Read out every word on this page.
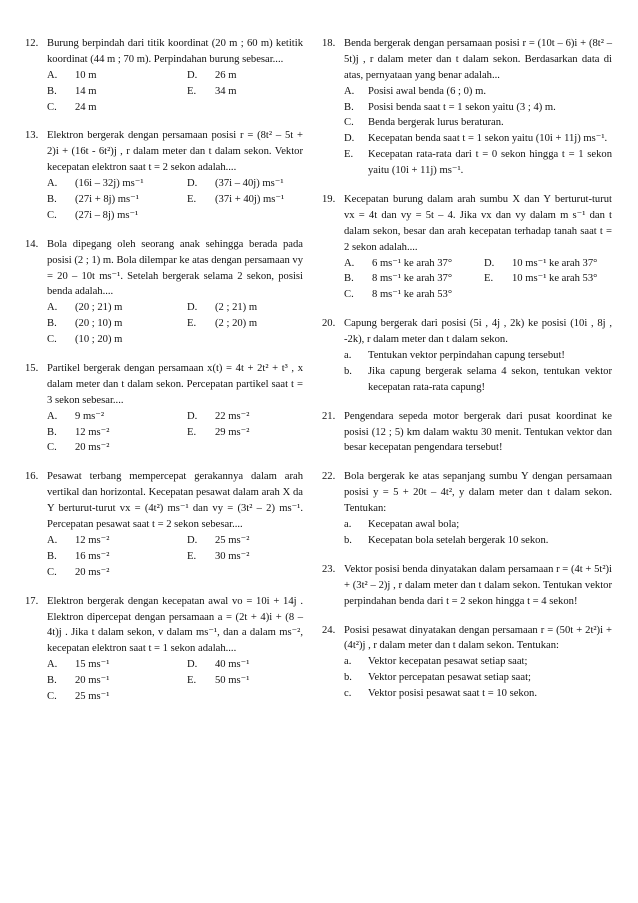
12. Burung berpindah dari titik koordinat (20 m ; 60 m) ketitik koordinat (44 m ; 70 m). Perpindahan burung sebesar....
A.	10 m	D.	26 m
B.	14 m	E.	34 m
C.	24 m
13. Elektron bergerak dengan persamaan posisi r = (8t² – 5t + 2)i + (16t - 6t²)j , r dalam meter dan t dalam sekon. Vektor kecepatan elektron saat t = 2 sekon adalah....
A.	(16i – 32j) ms⁻¹	D.	(37i – 40j) ms⁻¹
B.	(27i + 8j) ms⁻¹	E.	(37i + 40j) ms⁻¹
C.	(27i – 8j) ms⁻¹
14. Bola dipegang oleh seorang anak sehingga berada pada posisi (2 ; 1) m. Bola dilempar ke atas dengan persamaan vy = 20 – 10t ms⁻¹. Setelah bergerak selama 2 sekon, posisi benda adalah....
A.	(20 ; 21) m	D.	(2 ; 21) m
B.	(20 ; 10) m	E.	(2 ; 20) m
C.	(10 ; 20) m
15. Partikel bergerak dengan persamaan x(t) = 4t + 2t² + t³ , x dalam meter dan t dalam sekon. Percepatan partikel saat t = 3 sekon sebesar....
A.	9 ms⁻²	D.	22 ms⁻²
B.	12 ms⁻²	E.	29 ms⁻²
C.	20 ms⁻²
16. Pesawat terbang mempercepat gerakannya dalam arah vertikal dan horizontal. Kecepatan pesawat dalam arah X da Y berturut-turut vx = (4t²) ms⁻¹ dan vy = (3t² – 2) ms⁻¹. Percepatan pesawat saat t = 2 sekon sebesar....
A.	12 ms⁻²	D.	25 ms⁻²
B.	16 ms⁻²	E.	30 ms⁻²
C.	20 ms⁻²
17. Elektron bergerak dengan kecepatan awal vo = 10i + 14j . Elektron dipercepat dengan persamaan a = (2t + 4)i + (8 – 4t)j . Jika t dalam sekon, v dalam ms⁻¹, dan a dalam ms⁻², kecepatan elektron saat t = 1 sekon adalah....
A.	15 ms⁻¹	D.	40 ms⁻¹
B.	20 ms⁻¹	E.	50 ms⁻¹
C.	25 ms⁻¹
18. Benda bergerak dengan persamaan posisi r = (10t – 6)i + (8t² – 5t)j , r dalam meter dan t dalam sekon. Berdasarkan data di atas, pernyataan yang benar adalah...
A.	Posisi awal benda (6 ; 0) m.
B.	Posisi benda saat t = 1 sekon yaitu (3 ; 4) m.
C.	Benda bergerak lurus beraturan.
D.	Kecepatan benda saat t = 1 sekon yaitu (10i + 11j) ms⁻¹.
E.	Kecepatan rata-rata dari t = 0 sekon hingga t = 1 sekon yaitu (10i + 11j) ms⁻¹.
19. Kecepatan burung dalam arah sumbu X dan Y berturut-turut vx = 4t dan vy = 5t – 4. Jika vx dan vy dalam m s⁻¹ dan t dalam sekon, besar dan arah kecepatan terhadap tanah saat t = 2 sekon adalah....
A.	6 ms⁻¹ ke arah 37°	D.	10 ms⁻¹ ke arah 37°
B.	8 ms⁻¹ ke arah 37°	E.	10 ms⁻¹ ke arah 53°
C.	8 ms⁻¹ ke arah 53°
20. Capung bergerak dari posisi (5i , 4j , 2k) ke posisi (10i , 8j , -2k), r dalam meter dan t dalam sekon.
a.	Tentukan vektor perpindahan capung tersebut!
b.	Jika capung bergerak selama 4 sekon, tentukan vektor kecepatan rata-rata capung!
21. Pengendara sepeda motor bergerak dari pusat koordinat ke posisi (12 ; 5) km dalam waktu 30 menit. Tentukan vektor dan besar kecepatan pengendara tersebut!
22. Bola bergerak ke atas sepanjang sumbu Y dengan persamaan posisi y = 5 + 20t – 4t², y dalam meter dan t dalam sekon. Tentukan:
a.	Kecepatan awal bola;
b.	Kecepatan bola setelah bergerak 10 sekon.
23. Vektor posisi benda dinyatakan dalam persamaan r = (4t + 5t²)i + (3t² – 2)j , r dalam meter dan t dalam sekon. Tentukan vektor perpindahan benda dari t = 2 sekon hingga t = 4 sekon!
24. Posisi pesawat dinyatakan dengan persamaan r = (50t + 2t²)i + (4t²)j , r dalam meter dan t dalam sekon. Tentukan:
a.	Vektor kecepatan pesawat setiap saat;
b.	Vektor percepatan pesawat setiap saat;
c.	Vektor posisi pesawat saat t = 10 sekon.
